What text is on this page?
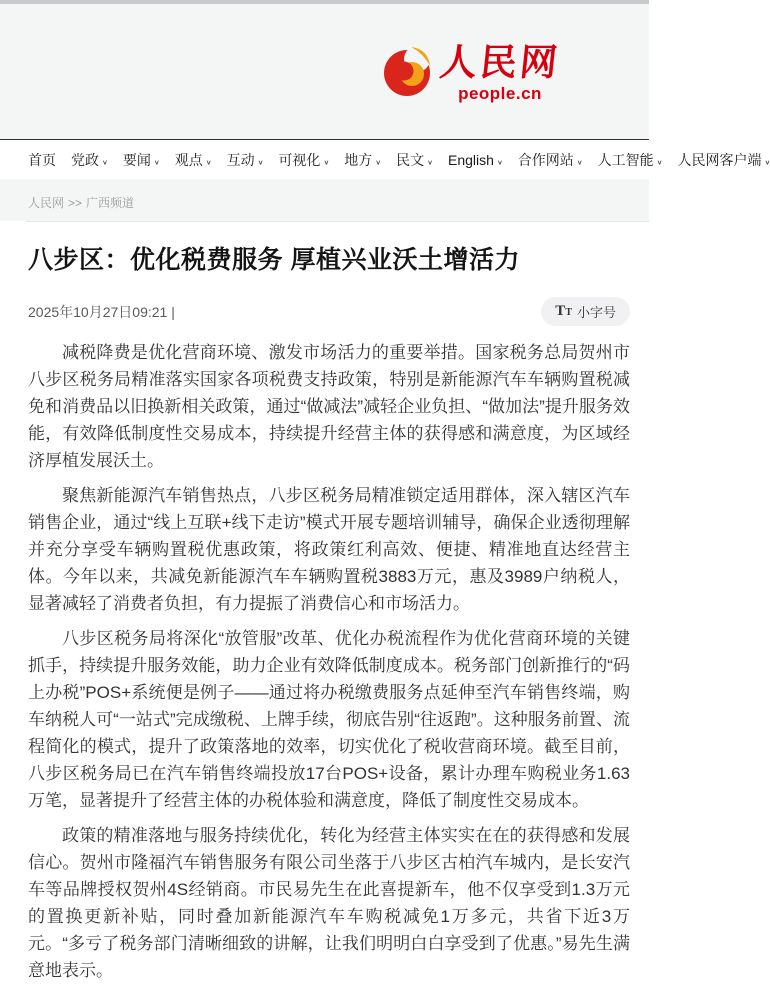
人民网
people.cn
首页 党政 ∨ 要闻 ∨ 观点 ∨ 互动 ∨ 可视化 ∨ 地方 ∨ 民文 ∨ English ∨ 合作网站 ∨ 人工智能 ∨ 人民网客户端 ∨
人民网 >> 广西频道
八步区：优化税费服务 厚植兴业沃土增活力
2025年10月27日09:21 |	T T 小字号

减税降费是优化营商环境、激发市场活力的重要举措。国家税务总局贺州市八步区税务局精准落实国家各项税费支持政策，特别是新能源汽车车辆购置税减免和消费品以旧换新相关政策，通过“做减法”减轻企业负担、“做加法”提升服务效能，有效降低制度性交易成本，持续提升经营主体的获得感和满意度，为区域经济厚植发展沃土。

聚焦新能源汽车销售热点，八步区税务局精准锁定适用群体，深入辖区汽车销售企业，通过“线上互联+线下走访”模式开展专题培训辅导，确保企业透彻理解并充分享受车辆购置税优惠政策，将政策红利高效、便捷、精准地直达经营主体。今年以来，共减免新能源汽车车辆购置税3883万元，惠及3989户纳税人，显著减轻了消费者负担，有力提振了消费信心和市场活力。

八步区税务局将深化“放管服”改革、优化办税流程作为优化营商环境的关键抓手，持续提升服务效能，助力企业有效降低制度成本。税务部门创新推行的“码上办税”POS+系统便是例子——通过将办税缴费服务点延伸至汽车销售终端，购车纳税人可“一站式”完成缴税、上牌手续，彻底告别“往返跑”。这种服务前置、流程简化的模式，提升了政策落地的效率，切实优化了税收营商环境。截至目前，八步区税务局已在汽车销售终端投放17台POS+设备，累计办理车购税业务1.63万笔，显著提升了经营主体的办税体验和满意度，降低了制度性交易成本。

政策的精准落地与服务持续优化，转化为经营主体实实在在的获得感和发展信心。贺州市隆福汽车销售服务有限公司坐落于八步区古柏汽车城内，是长安汽车等品牌授权贺州4S经销商。市民易先生在此喜提新车，他不仅享受到1.3万元的置换更新补贴，同时叠加新能源汽车车购税减免1万多元，共省下近3万元。“多亏了税务部门清晰细致的讲解，让我们明明白白享受到了优惠。”易先生满意地表示。
